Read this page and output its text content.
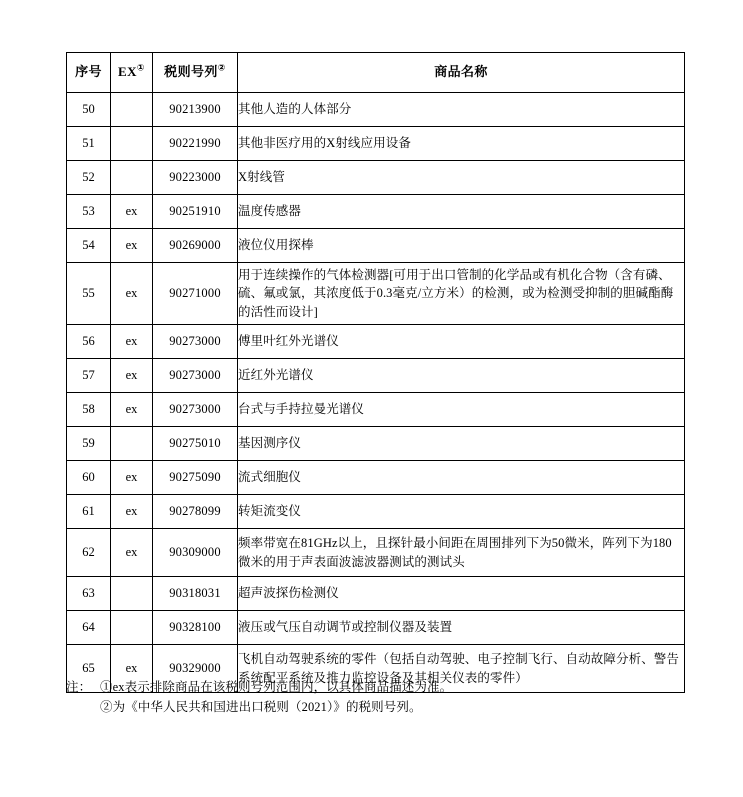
序号	EX①	税则号列②	商品名称
50		90213900	其他人造的人体部分
51		90221990	其他非医疗用的X射线应用设备
52		90223000	X射线管
53	ex	90251910	温度传感器
54	ex	90269000	液位仪用探棒
55	ex	90271000	用于连续操作的气体检测器[可用于出口管制的化学品或有机化合物（含有磷、硫、氟或氯，其浓度低于0.3毫克/立方米）的检测，或为检测受抑制的胆碱酯酶的活性而设计]
56	ex	90273000	傅里叶红外光谱仪
57	ex	90273000	近红外光谱仪
58	ex	90273000	台式与手持拉曼光谱仪
59		90275010	基因测序仪
60	ex	90275090	流式细胞仪
61	ex	90278099	转矩流变仪
62	ex	90309000	频率带宽在81GHz以上，且探针最小间距在周围排列下为50微米，阵列下为180微米的用于声表面波滤波器测试的测试头
63		90318031	超声波探伤检测仪
64		90328100	液压或气压自动调节或控制仪器及装置
65	ex	90329000	飞机自动驾驶系统的零件（包括自动驾驶、电子控制飞行、自动故障分析、警告系统配平系统及推力监控设备及其相关仪表的零件）
注： ①ex表示排除商品在该税则号列范围内，以具体商品描述为准。
②为《中华人民共和国进出口税则（2021）》的税则号列。
